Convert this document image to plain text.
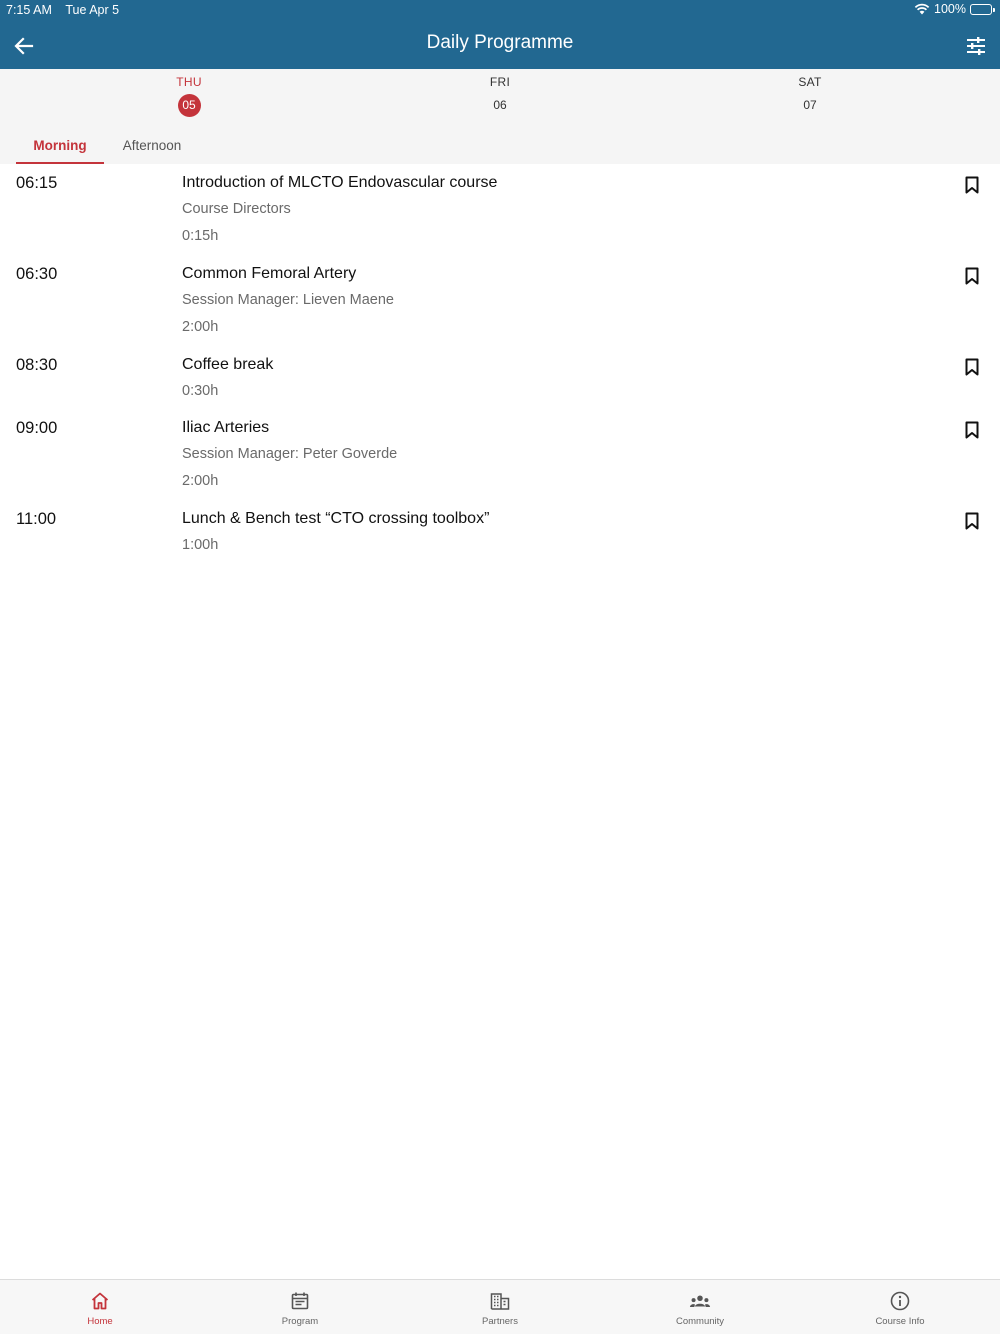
7:15 AM Tue Apr 5	100%
Daily Programme
THU
05
FRI
06
SAT
07
Morning	Afternoon
06:15	Introduction of MLCTO Endovascular course
Course Directors
0:15h
06:30	Common Femoral Artery
Session Manager: Lieven Maene
2:00h
08:30	Coffee break
0:30h
09:00	Iliac Arteries
Session Manager: Peter Goverde
2:00h
11:00	Lunch & Bench test “CTO crossing toolbox”
1:00h
Home	Program	Partners	Community	Course Info
